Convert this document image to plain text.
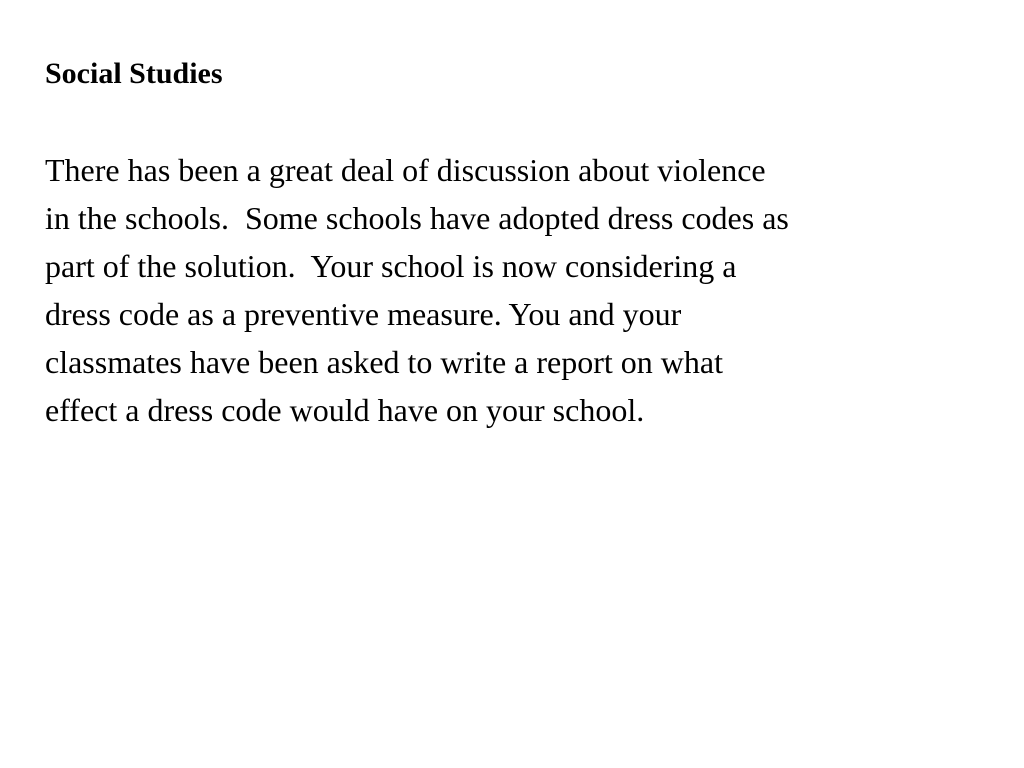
Social Studies
There has been a great deal of discussion about violence
in the schools.  Some schools have adopted dress codes as
part of the solution.  Your school is now considering a
dress code as a preventive measure. You and your
classmates have been asked to write a report on what
effect a dress code would have on your school.
